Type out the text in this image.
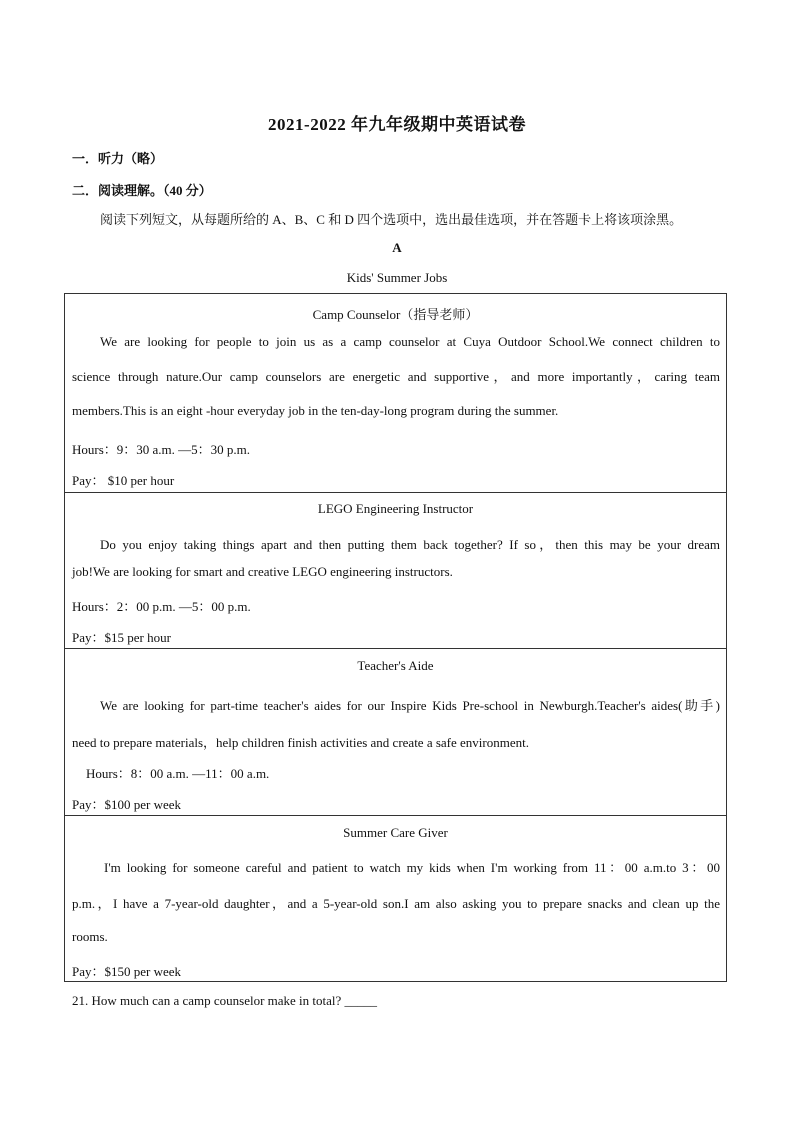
2021-2022 年九年级期中英语试卷
一．听力（略）
二．阅读理解。（40 分）
阅读下列短文，从每题所给的 A、B、C 和 D 四个选项中，选出最佳选项，并在答题卡上将该项涂黑。
A
Kids' Summer Jobs
Camp Counselor（指导老师）
We are looking for people to join us as a camp counselor at Cuya Outdoor School.We connect children to
science through nature.Our camp counselors are energetic and supportive，and more importantly，caring team
members.This is an eight -hour everyday job in the ten-day-long program during the summer.
Hours：9：30 a.m. —5：30 p.m.
Pay： $10 per hour
LEGO Engineering Instructor
Do you enjoy taking things apart and then putting them back together? If so，then this may be your dream
job!We are looking for smart and creative LEGO engineering instructors.
Hours：2：00 p.m. —5：00 p.m.
Pay：$15 per hour
Teacher's Aide
We are looking for part-time teacher's aides for our Inspire Kids Pre-school in Newburgh.Teacher's aides(助手)
need to prepare materials，help children finish activities and create a safe environment.
Hours：8：00 a.m. —11：00 a.m.
Pay：$100 per week
Summer Care Giver
I'm looking for someone careful and patient to watch my kids when I'm working from 11：00 a.m.to 3：00
p.m.，I have a 7-year-old daughter，and a 5-year-old son.I am also asking you to prepare snacks and clean up the
rooms.
Pay：$150 per week
21. How much can a camp counselor make in total? _____
